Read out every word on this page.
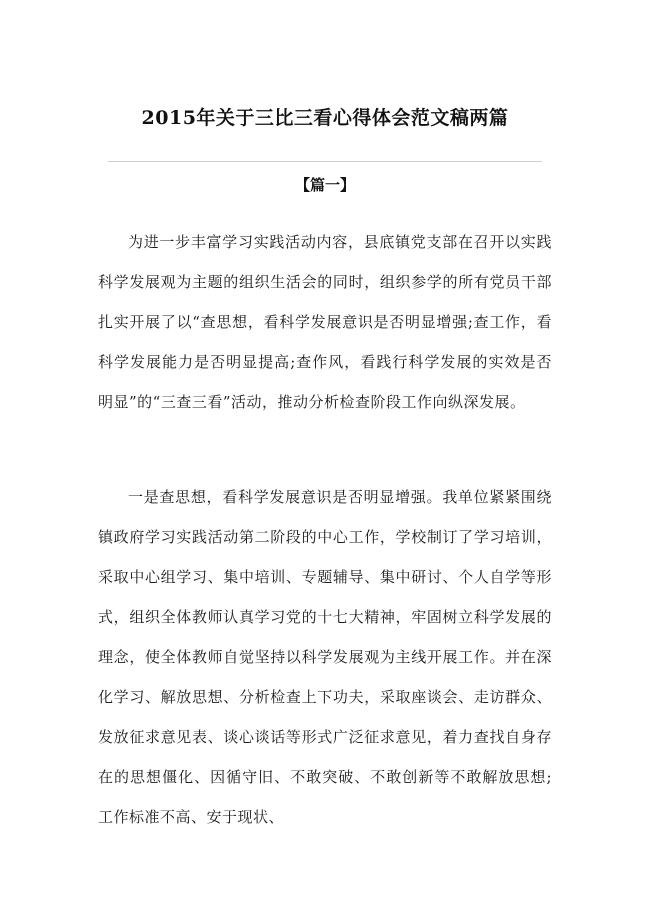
2015年关于三比三看心得体会范文稿两篇
【篇一】

为进一步丰富学习实践活动内容，县底镇党支部在召开以实践科学发展观为主题的组织生活会的同时，组织参学的所有党员干部扎实开展了以“查思想，看科学发展意识是否明显增强;查工作，看科学发展能力是否明显提高;查作风，看践行科学发展的实效是否明显”的“三查三看”活动，推动分析检查阶段工作向纵深发展。

一是查思想，看科学发展意识是否明显增强。我单位紧紧围绕镇政府学习实践活动第二阶段的中心工作，学校制订了学习培训，采取中心组学习、集中培训、专题辅导、集中研讨、个人自学等形式，组织全体教师认真学习党的十七大精神，牢固树立科学发展的理念，使全体教师自觉坚持以科学发展观为主线开展工作。并在深化学习、解放思想、分析检查上下功夫，采取座谈会、走访群众、发放征求意见表、谈心谈话等形式广泛征求意见，着力查找自身存在的思想僵化、因循守旧、不敢突破、不敢创新等不敢解放思想;工作标准不高、安于现状、
